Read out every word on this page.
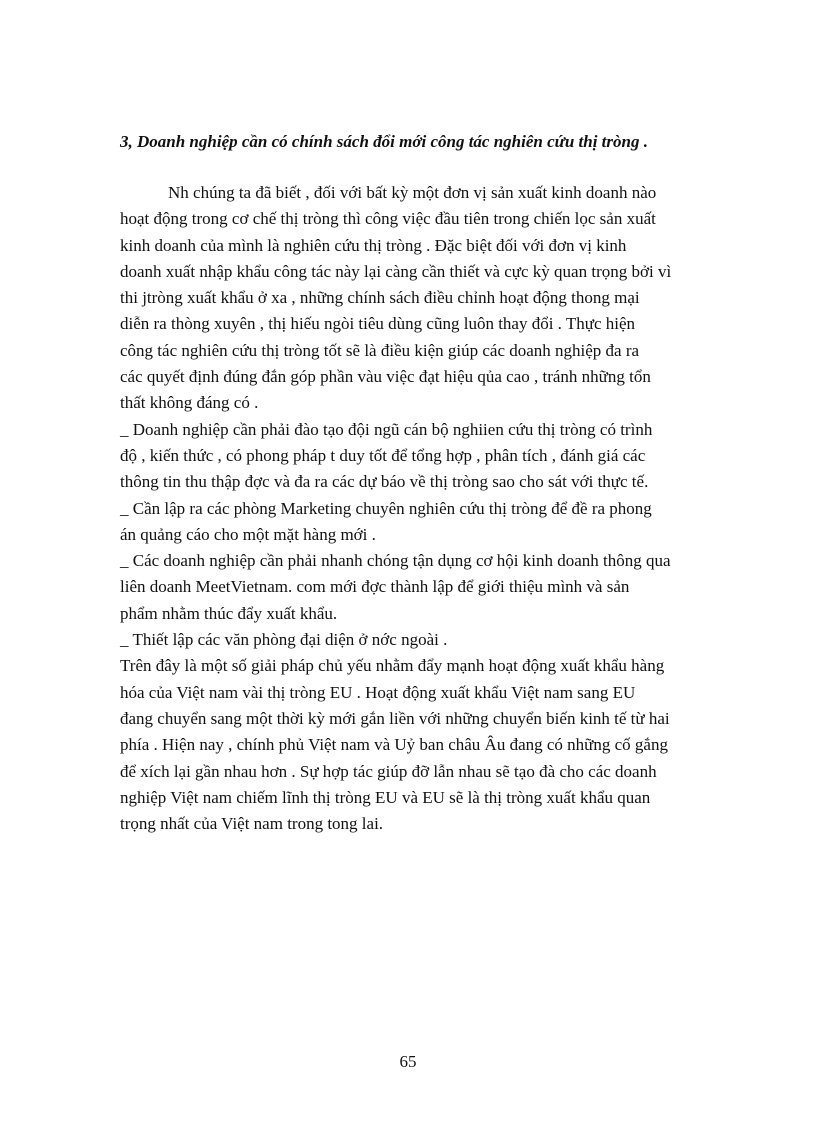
3, Doanh nghiệp cần có chính sách đổi mới công tác nghiên cứu thị tròng .
Nh chúng ta đã biết , đối với bất kỳ một đơn vị sản xuất kinh doanh nào
hoạt động trong cơ chế thị tròng thì công việc đầu tiên trong chiến lọc sản xuất
kinh doanh của mình là nghiên cứu thị tròng . Đặc biệt đối với đơn vị kinh
doanh xuất nhập khẩu công tác này lại càng cần thiết và cực kỳ quan trọng bởi vì
thi jtròng xuất khẩu ở xa , những chính sách điều chỉnh hoạt động thong mại
diễn ra thòng xuyên , thị hiếu ngòi tiêu dùng cũng luôn thay đổi . Thực hiện
công tác nghiên cứu thị tròng tốt sẽ là điều kiện giúp các doanh nghiệp đa ra
các quyết định đúng đắn góp phần vàu việc đạt hiệu qủa cao , tránh những tổn
thất không đáng có .
_ Doanh nghiệp cần phải đào tạo đội ngũ cán bộ nghiien cứu thị tròng có trình
độ , kiến thức , có phong pháp t duy tốt để tổng hợp , phân tích , đánh giá các
thông tin thu thập đợc và đa ra các dự báo về thị tròng sao cho sát với thực tế.
_ Cần lập ra các phòng Marketing chuyên nghiên cứu thị tròng để đề ra phong
án quảng cáo cho một mặt hàng mới .
_ Các doanh nghiệp cần phải nhanh chóng tận dụng cơ hội kinh doanh thông qua
liên doanh MeetVietnam. com mới đợc thành lập để giới thiệu mình và sản
phẩm nhằm thúc đẩy xuất khẩu.
_ Thiết lập các văn phòng đại diện ở nớc ngoài .
Trên đây là một số giải pháp chủ yếu nhằm đẩy mạnh hoạt động xuất khẩu hàng
hóa của Việt nam vài thị tròng EU . Hoạt động xuất khẩu Việt nam sang EU
đang chuyển sang một thời kỳ mới gắn liền với những chuyển biến kinh tế từ hai
phía . Hiện nay , chính phủ Việt nam và Uỷ ban châu Âu đang có những cố gắng
để xích lại gần nhau hơn . Sự hợp tác giúp đỡ lẫn nhau sẽ tạo đà cho các doanh
nghiệp Việt nam chiếm lĩnh thị tròng EU và EU sẽ là thị tròng xuất khẩu quan
trọng nhất của Việt nam trong tong lai.
65
